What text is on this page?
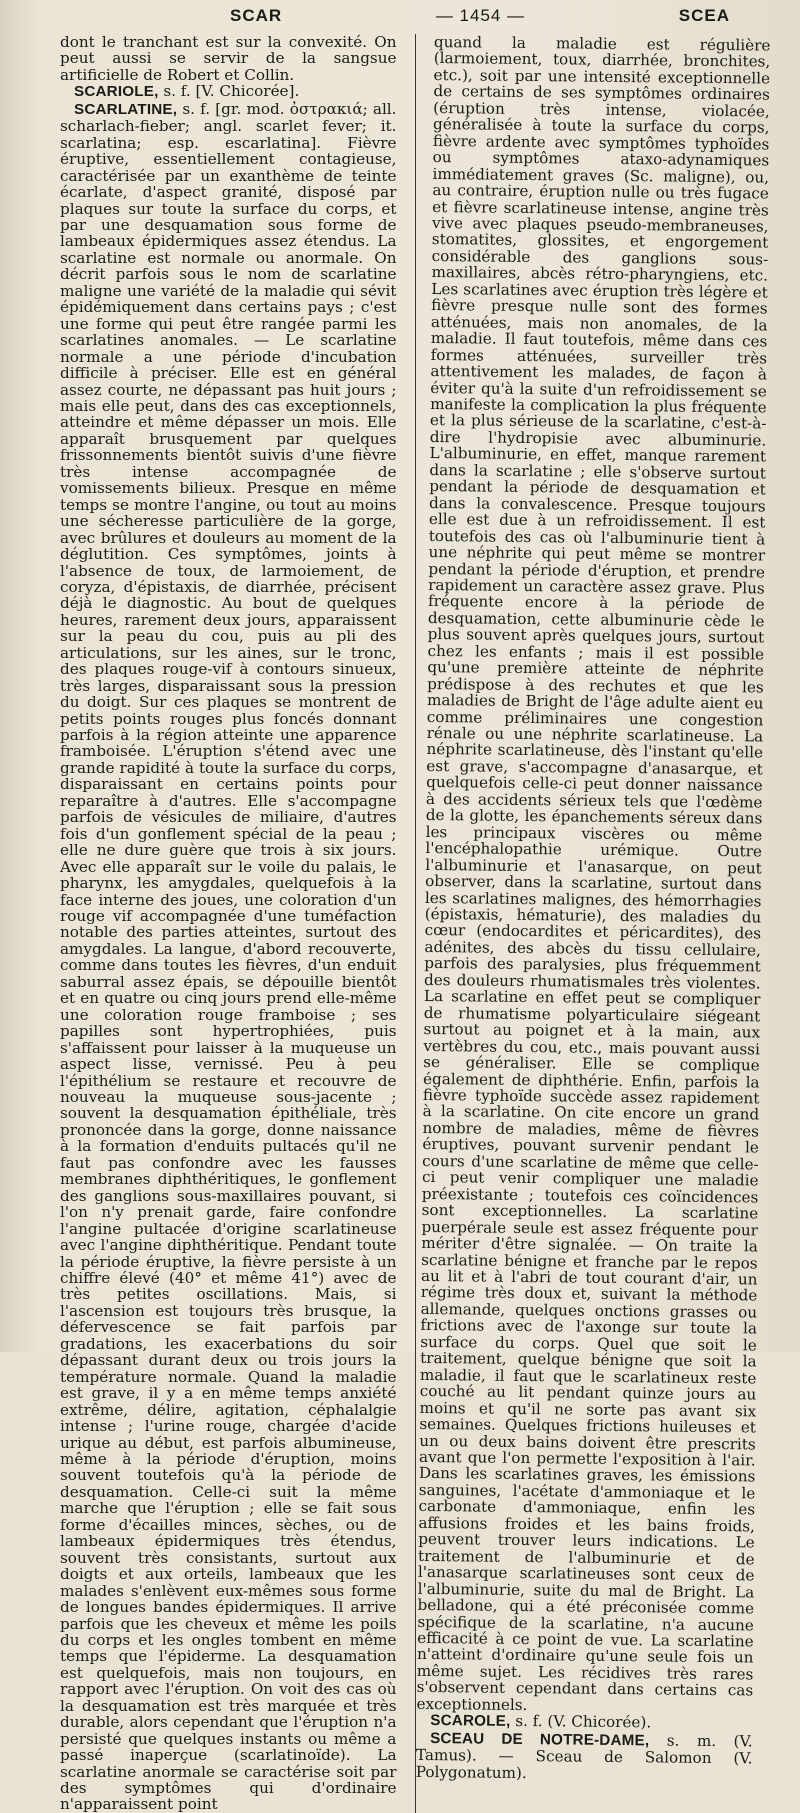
SCAR	— 1454 —	SCEA

dont le tranchant est sur la convexité. On peut aussi se servir de la sangsue artificielle de Robert et Collin.

SCARIOLE, s. f. [V. Chicorée].

SCARLATINE, s. f. [gr. mod. ὀστρακιά; all. scharlach-fieber; angl. scarlet fever; it. scarlatina; esp. escarlatina]. Fièvre éruptive, essentiellement contagieuse, caractérisée par un exanthème de teinte écarlate, d'aspect granité, disposé par plaques sur toute la surface du corps, et par une desquamation sous forme de lambeaux épidermiques assez étendus. La scarlatine est normale ou anormale. On décrit parfois sous le nom de scarlatine maligne une variété de la maladie qui sévit épidémiquement dans certains pays ; c'est une forme qui peut être rangée parmi les scarlatines anomales. — Le scarlatine normale a une période d'incubation difficile à préciser. Elle est en général assez courte, ne dépassant pas huit jours ; mais elle peut, dans des cas exceptionnels, atteindre et même dépasser un mois. Elle apparaît brusquement par quelques frissonnements bientôt suivis d'une fièvre très intense accompagnée de vomissements bilieux. Presque en même temps se montre l'angine, ou tout au moins une sécheresse particulière de la gorge, avec brûlures et douleurs au moment de la déglutition. Ces symptômes, joints à l'absence de toux, de larmoiement, de coryza, d'épistaxis, de diarrhée, précisent déjà le diagnostic. Au bout de quelques heures, rarement deux jours, apparaissent sur la peau du cou, puis au pli des articulations, sur les aines, sur le tronc, des plaques rouge-vif à contours sinueux, très larges, disparaissant sous la pression du doigt. Sur ces plaques se montrent de petits points rouges plus foncés donnant parfois à la région atteinte une apparence framboisée. L'éruption s'étend avec une grande rapidité à toute la surface du corps, disparaissant en certains points pour reparaître à d'autres. Elle s'accompagne parfois de vésicules de miliaire, d'autres fois d'un gonflement spécial de la peau ; elle ne dure guère que trois à six jours. Avec elle apparaît sur le voile du palais, le pharynx, les amygdales, quelquefois à la face interne des joues, une coloration d'un rouge vif accompagnée d'une tuméfaction notable des parties atteintes, surtout des amygdales. La langue, d'abord recouverte, comme dans toutes les fièvres, d'un enduit saburral assez épais, se dépouille bientôt et en quatre ou cinq jours prend elle-même une coloration rouge framboise ; ses papilles sont hypertrophiées, puis s'affaissent pour laisser à la muqueuse un aspect lisse, vernissé. Peu à peu l'épithélium se restaure et recouvre de nouveau la muqueuse sous-jacente ; souvent la desquamation épithéliale, très prononcée dans la gorge, donne naissance à la formation d'enduits pultacés qu'il ne faut pas confondre avec les fausses membranes diphthéritiques, le gonflement des ganglions sous-maxillaires pouvant, si l'on n'y prenait garde, faire confondre l'angine pultacée d'origine scarlatineuse avec l'angine diphthéritique. Pendant toute la période éruptive, la fièvre persiste à un chiffre élevé (40° et même 41°) avec de très petites oscillations. Mais, si l'ascension est toujours très brusque, la défervescence se fait parfois par gradations, les exacerbations du soir dépassant durant deux ou trois jours la température normale. Quand la maladie est grave, il y a en même temps anxiété extrême, délire, agitation, céphalalgie intense ; l'urine rouge, chargée d'acide urique au début, est parfois albumineuse, même à la période d'éruption, moins souvent toutefois qu'à la période de desquamation. Celle-ci suit la même marche que l'éruption ; elle se fait sous forme d'écailles minces, sèches, ou de lambeaux épidermiques très étendus, souvent très consistants, surtout aux doigts et aux orteils, lambeaux que les malades s'enlèvent eux-mêmes sous forme de longues bandes épidermiques. Il arrive parfois que les cheveux et même les poils du corps et les ongles tombent en même temps que l'épiderme. La desquamation est quelquefois, mais non toujours, en rapport avec l'éruption. On voit des cas où la desquamation est très marquée et très durable, alors cependant que l'éruption n'a persisté que quelques instants ou même a passé inaperçue (scarlatinoïde). La scarlatine anormale se caractérise soit par des symptômes qui d'ordinaire n'apparaissent point

quand la maladie est régulière (larmoiement, toux, diarrhée, bronchites, etc.), soit par une intensité exceptionnelle de certains de ses symptômes ordinaires (éruption très intense, violacée, généralisée à toute la surface du corps, fièvre ardente avec symptômes typhoïdes ou symptômes ataxo-adynamiques immédiatement graves (Sc. maligne), ou, au contraire, éruption nulle ou très fugace et fièvre scarlatineuse intense, angine très vive avec plaques pseudo-membraneuses, stomatites, glossites, et engorgement considérable des ganglions sous-maxillaires, abcès rétro-pharyngiens, etc. Les scarlatines avec éruption très légère et fièvre presque nulle sont des formes atténuées, mais non anomales, de la maladie. Il faut toutefois, même dans ces formes atténuées, surveiller très attentivement les malades, de façon à éviter qu'à la suite d'un refroidissement se manifeste la complication la plus fréquente et la plus sérieuse de la scarlatine, c'est-à-dire l'hydropisie avec albuminurie. L'albuminurie, en effet, manque rarement dans la scarlatine ; elle s'observe surtout pendant la période de desquamation et dans la convalescence. Presque toujours elle est due à un refroidissement. Il est toutefois des cas où l'albuminurie tient à une néphrite qui peut même se montrer pendant la période d'éruption, et prendre rapidement un caractère assez grave. Plus fréquente encore à la période de desquamation, cette albuminurie cède le plus souvent après quelques jours, surtout chez les enfants ; mais il est possible qu'une première atteinte de néphrite prédispose à des rechutes et que les maladies de Bright de l'âge adulte aient eu comme préliminaires une congestion rénale ou une néphrite scarlatineuse. La néphrite scarlatineuse, dès l'instant qu'elle est grave, s'accompagne d'anasarque, et quelquefois celle-ci peut donner naissance à des accidents sérieux tels que l'œdème de la glotte, les épanchements séreux dans les principaux viscères ou même l'encéphalopathie urémique. Outre l'albuminurie et l'anasarque, on peut observer, dans la scarlatine, surtout dans les scarlatines malignes, des hémorrhagies (épistaxis, hématurie), des maladies du cœur (endocardites et péricardites), des adénites, des abcès du tissu cellulaire, parfois des paralysies, plus fréquemment des douleurs rhumatismales très violentes. La scarlatine en effet peut se compliquer de rhumatisme polyarticulaire siégeant surtout au poignet et à la main, aux vertèbres du cou, etc., mais pouvant aussi se généraliser. Elle se complique également de diphthérie. Enfin, parfois la fièvre typhoïde succède assez rapidement à la scarlatine. On cite encore un grand nombre de maladies, même de fièvres éruptives, pouvant survenir pendant le cours d'une scarlatine de même que celle-ci peut venir compliquer une maladie préexistante ; toutefois ces coïncidences sont exceptionnelles. La scarlatine puerpérale seule est assez fréquente pour mériter d'être signalée. — On traite la scarlatine bénigne et franche par le repos au lit et à l'abri de tout courant d'air, un régime très doux et, suivant la méthode allemande, quelques onctions grasses ou frictions avec de l'axonge sur toute la surface du corps. Quel que soit le traitement, quelque bénigne que soit la maladie, il faut que le scarlatineux reste couché au lit pendant quinze jours au moins et qu'il ne sorte pas avant six semaines. Quelques frictions huileuses et un ou deux bains doivent être prescrits avant que l'on permette l'exposition à l'air. Dans les scarlatines graves, les émissions sanguines, l'acétate d'ammoniaque et le carbonate d'ammoniaque, enfin les affusions froides et les bains froids, peuvent trouver leurs indications. Le traitement de l'albuminurie et de l'anasarque scarlatineuses sont ceux de l'albuminurie, suite du mal de Bright. La belladone, qui a été préconisée comme spécifique de la scarlatine, n'a aucune efficacité à ce point de vue. La scarlatine n'atteint d'ordinaire qu'une seule fois un même sujet. Les récidives très rares s'observent cependant dans certains cas exceptionnels.

SCAROLE, s. f. (V. Chicorée).

SCEAU DE NOTRE-DAME, s. m. (V. Tamus). — Sceau de Salomon (V. Polygonatum).
